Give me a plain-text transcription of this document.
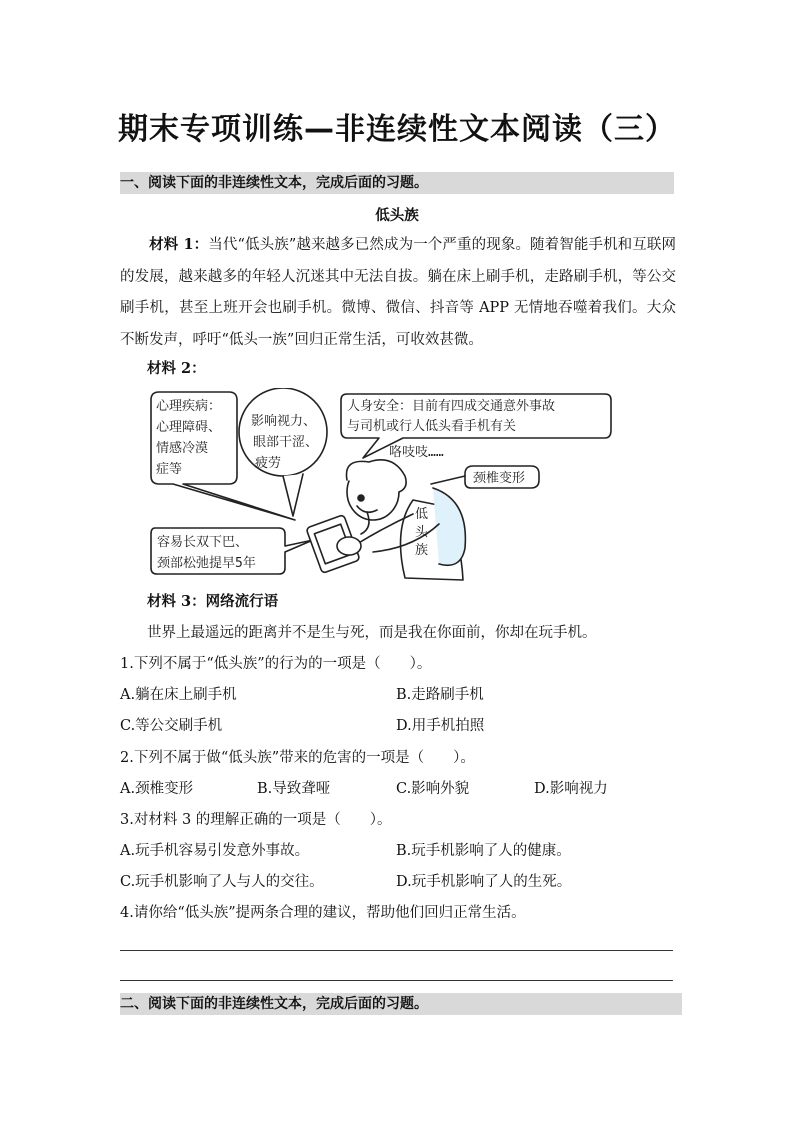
期末专项训练—非连续性文本阅读（三）
一、阅读下面的非连续性文本，完成后面的习题。
低头族
材料 1：当代“低头族”越来越多已然成为一个严重的现象。随着智能手机和互联网的发展，越来越多的年轻人沉迷其中无法自拔。躺在床上刷手机，走路刷手机，等公交刷手机，甚至上班开会也刷手机。微博、微信、抖音等 APP 无情地吞噬着我们。大众不断发声，呼吁“低头一族”回归正常生活，可收效甚微。
材料 2：
心理疾病：
心理障碍、
情感冷漠
症等
影响视力、
眼部干涩、
疲劳
人身安全：目前有四成交通意外事故
与司机或行人低头看手机有关
咯吱吱……
颈椎变形
容易长双下巴、
颈部松弛提早5年
低
头
族
材料 3：网络流行语
世界上最遥远的距离并不是生与死，而是我在你面前，你却在玩手机。
1.下列不属于“低头族”的行为的一项是（　　）。
A.躺在床上刷手机	B.走路刷手机
C.等公交刷手机	D.用手机拍照
2.下列不属于做“低头族”带来的危害的一项是（　　）。
A.颈椎变形	B.导致聋哑	C.影响外貌	D.影响视力
3.对材料 3 的理解正确的一项是（　　）。
A.玩手机容易引发意外事故。	B.玩手机影响了人的健康。
C.玩手机影响了人与人的交往。	D.玩手机影响了人的生死。
4.请你给“低头族”提两条合理的建议，帮助他们回归正常生活。
二、阅读下面的非连续性文本，完成后面的习题。
